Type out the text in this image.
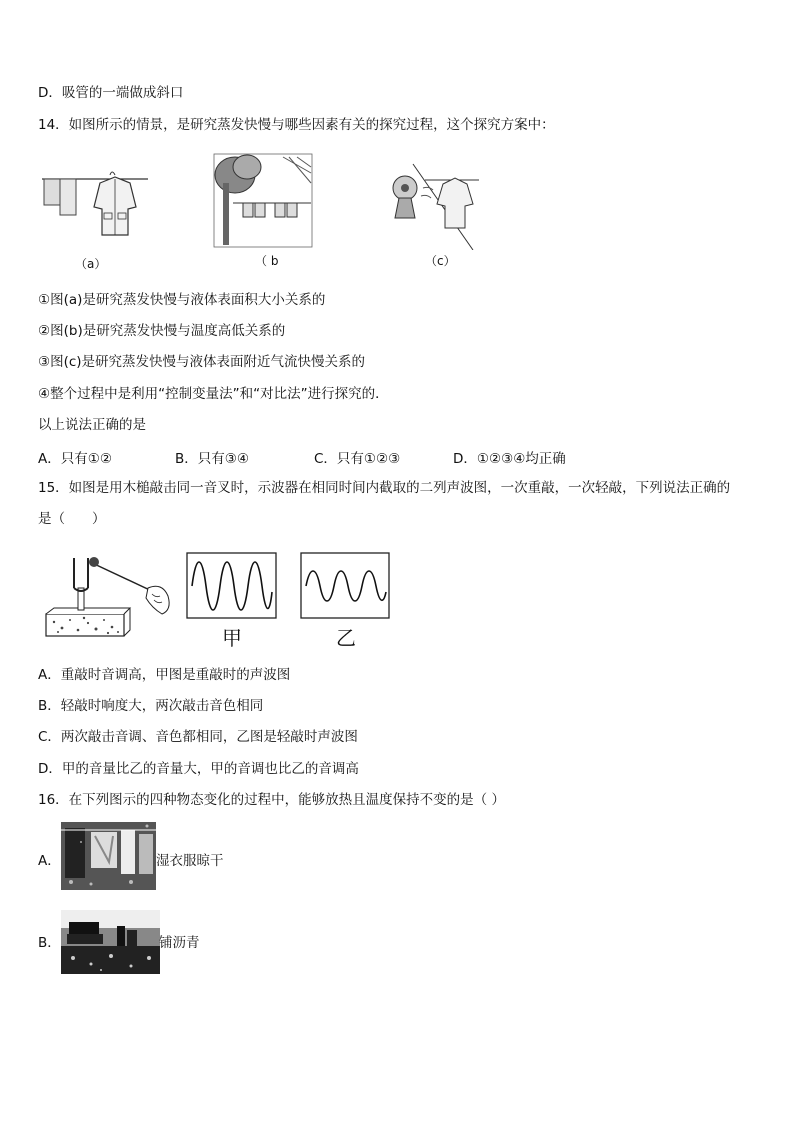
D．吸管的一端做成斜口
14．如图所示的情景，是研究蒸发快慢与哪些因素有关的探究过程，这个探究方案中：
（a）	（ b	（c）
①图(a)是研究蒸发快慢与液体表面积大小关系的
②图(b)是研究蒸发快慢与温度高低关系的
③图(c)是研究蒸发快慢与液体表面附近气流快慢关系的
④整个过程中是利用“控制变量法”和“对比法”进行探究的．
以上说法正确的是
A．只有①②	B．只有③④	C．只有①②③	D．①②③④均正确
15．如图是用木槌敲击同一音叉时，示波器在相同时间内截取的二列声波图，一次重敲，一次轻敲，下列说法正确的
是（　　）
甲	乙
A．重敲时音调高，甲图是重敲时的声波图
B．轻敲时响度大，两次敲击音色相同
C．两次敲击音调、音色都相同，乙图是轻敲时声波图
D．甲的音量比乙的音量大，甲的音调也比乙的音调高
16．在下列图示的四种物态变化的过程中，能够放热且温度保持不变的是（ ）
A．	湿衣服晾干
B．	铺沥青
